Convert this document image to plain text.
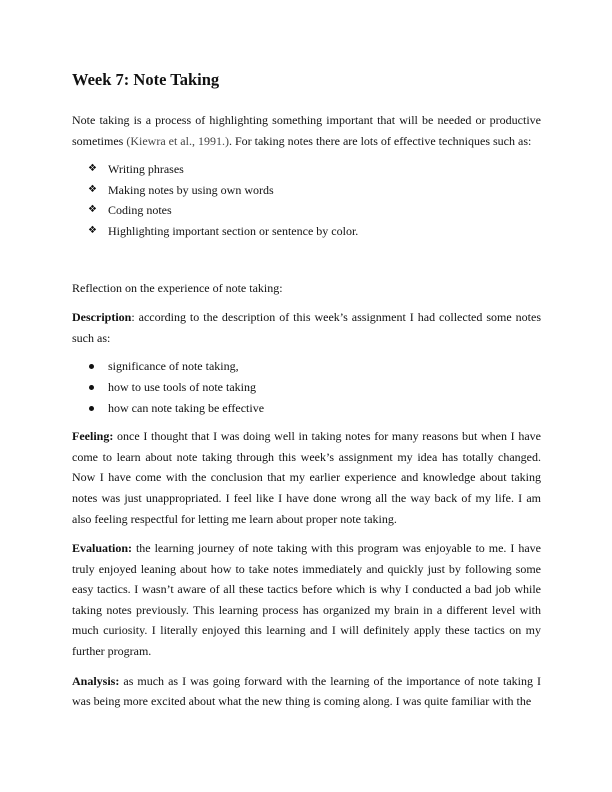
Week 7: Note Taking

Note taking is a process of highlighting something important that will be needed or productive sometimes (Kiewra et al., 1991.). For taking notes there are lots of effective techniques such as:

❖ Writing phrases
❖ Making notes by using own words
❖ Coding notes
❖ Highlighting important section or sentence by color.

Reflection on the experience of note taking:

Description: according to the description of this week’s assignment I had collected some notes such as:

significance of note taking,
how to use tools of note taking
how can note taking be effective

Feeling: once I thought that I was doing well in taking notes for many reasons but when I have come to learn about note taking through this week’s assignment my idea has totally changed. Now I have come with the conclusion that my earlier experience and knowledge about taking notes was just unappropriated. I feel like I have done wrong all the way back of my life. I am also feeling respectful for letting me learn about proper note taking.

Evaluation: the learning journey of note taking with this program was enjoyable to me. I have truly enjoyed leaning about how to take notes immediately and quickly just by following some easy tactics. I wasn’t aware of all these tactics before which is why I conducted a bad job while taking notes previously. This learning process has organized my brain in a different level with much curiosity. I literally enjoyed this learning and I will definitely apply these tactics on my further program.

Analysis: as much as I was going forward with the learning of the importance of note taking I was being more excited about what the new thing is coming along. I was quite familiar with the
